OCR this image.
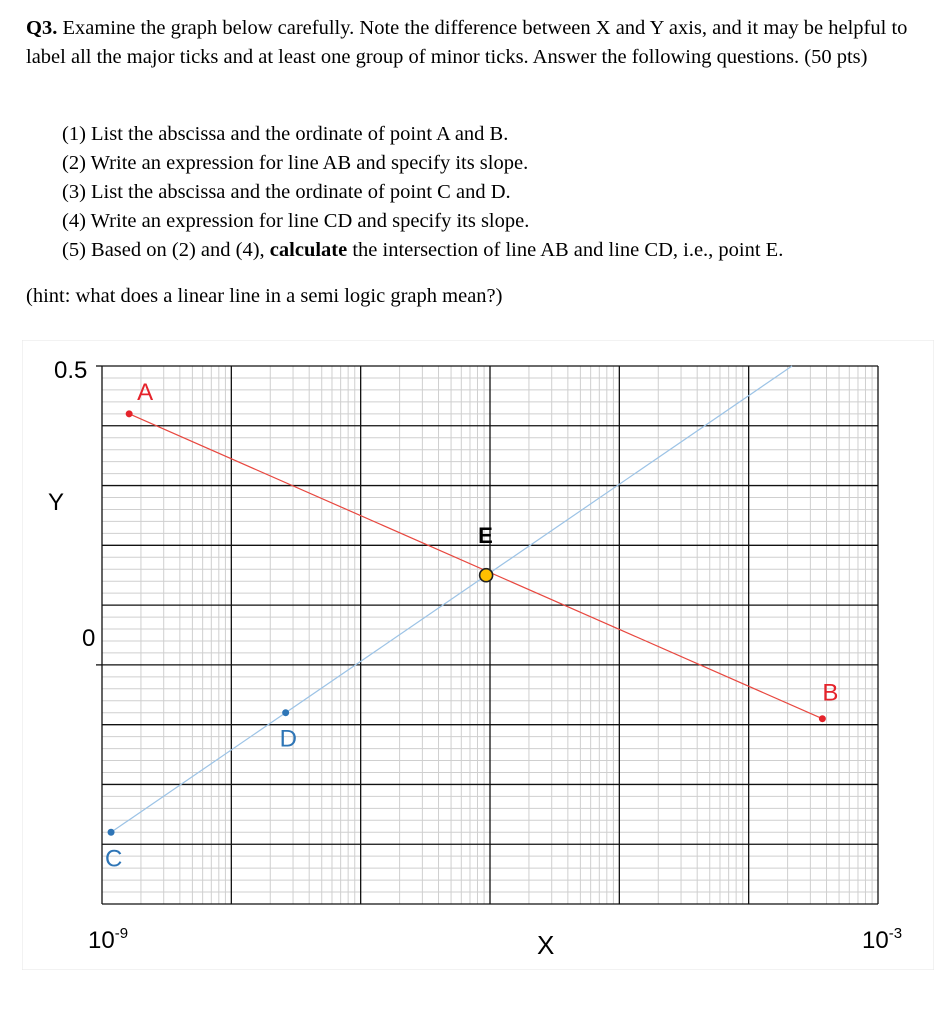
Q3. Examine the graph below carefully. Note the difference between X and Y axis, and it may be helpful to label all the major ticks and at least one group of minor ticks. Answer the following questions. (50 pts)
(1) List the abscissa and the ordinate of point A and B.
(2) Write an expression for line AB and specify its slope.
(3) List the abscissa and the ordinate of point C and D.
(4) Write an expression for line CD and specify its slope.
(5) Based on (2) and (4), calculate the intersection of line AB and line CD, i.e., point E.
(hint: what does a linear line in a semi logic graph mean?)
A
B
C
D
E
0.5
0
Y
X
$10^{-9}$	$10^{-3}$
